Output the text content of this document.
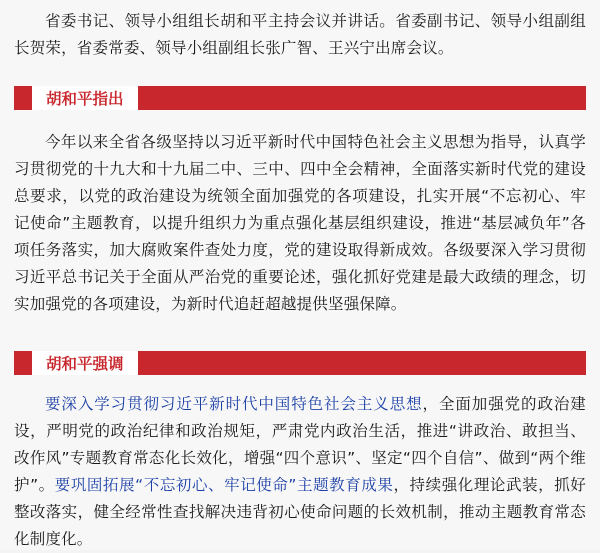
省委书记、领导小组组长胡和平主持会议并讲话。省委副书记、领导小组副组长贺荣，省委常委、领导小组副组长张广智、王兴宁出席会议。

胡和平指出

今年以来全省各级坚持以习近平新时代中国特色社会主义思想为指导，认真学习贯彻党的十九大和十九届二中、三中、四中全会精神，全面落实新时代党的建设总要求，以党的政治建设为统领全面加强党的各项建设，扎实开展“不忘初心、牢记使命”主题教育，以提升组织力为重点强化基层组织建设，推进“基层减负年”各项任务落实，加大腐败案件查处力度，党的建设取得新成效。各级要深入学习贯彻习近平总书记关于全面从严治党的重要论述，强化抓好党建是最大政绩的理念，切实加强党的各项建设，为新时代追赶超越提供坚强保障。

胡和平强调

要深入学习贯彻习近平新时代中国特色社会主义思想，全面加强党的政治建设，严明党的政治纪律和政治规矩，严肃党内政治生活，推进“讲政治、敢担当、改作风”专题教育常态化长效化，增强“四个意识”、坚定“四个自信”、做到“两个维护”。要巩固拓展“不忘初心、牢记使命”主题教育成果，持续强化理论武装，抓好整改落实，健全经常性查找解决违背初心使命问题的长效机制，推动主题教育常态化制度化。
